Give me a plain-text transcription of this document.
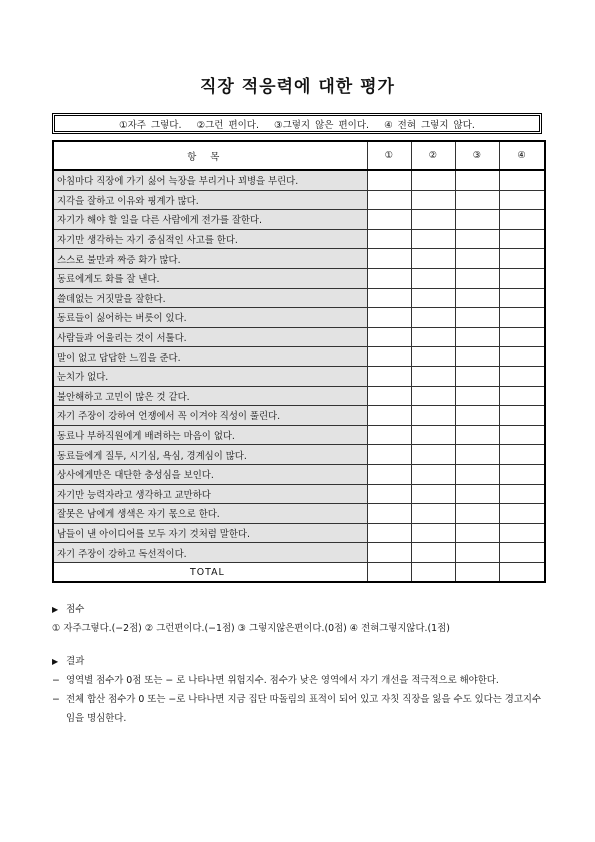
직장 적응력에 대한 평가
①자주 그렇다.   ②그런 편이다.   ③그렇지 않은 편이다.   ④ 전혀 그렇지 않다.
항목	①	②	③	④
아침마다 직장에 가기 싫어 늑장을 부리거나 꾀병을 부린다.				
지각을 잘하고 이유와 핑계가 많다.				
자기가 해야 할 일을 다른 사람에게 전가를 잘한다.				
자기만 생각하는 자기 중심적인 사고를 한다.				
스스로 불만과 짜증 화가 많다.				
동료에게도 화를 잘 낸다.				
쓸데없는 거짓말을 잘한다.				
동료들이 싫어하는 버릇이 있다.				
사람들과 어울리는 것이 서툴다.				
말이 없고 답답한 느낌을 준다.				
눈치가 없다.				
불안해하고 고민이 많은 것 같다.				
자기 주장이 강하여 언쟁에서 꼭 이겨야 직성이 풀린다.				
동료나 부하직원에게 배려하는 마음이 없다.				
동료들에게 질투, 시기심, 욕심, 경계심이 많다.				
상사에게만은 대단한 충성심을 보인다.				
자기만 능력자라고 생각하고 교만하다				
잘못은 남에게 생색은 자기 몫으로 한다.				
남들이 낸 아이디어를 모두 자기 것처럼 말한다.				
자기 주장이 강하고 독선적이다.				
TOTAL				
▶ 점수
① 자주그렇다.(−2점) ② 그런편이다.(−1점) ③ 그렇지않은편이다.(0점) ④ 전혀그렇지않다.(1점)
▶ 결과
− 영역별 점수가 0점 또는 − 로 나타나면 위험지수. 점수가 낮은 영역에서 자기 개선을 적극적으로 해야한다.
− 전체 합산 점수가 0 또는 −로 나타나면 지금 집단 따돌림의 표적이 되어 있고 자칫 직장을 잃을 수도 있다는 경고지수임을 명심한다.
